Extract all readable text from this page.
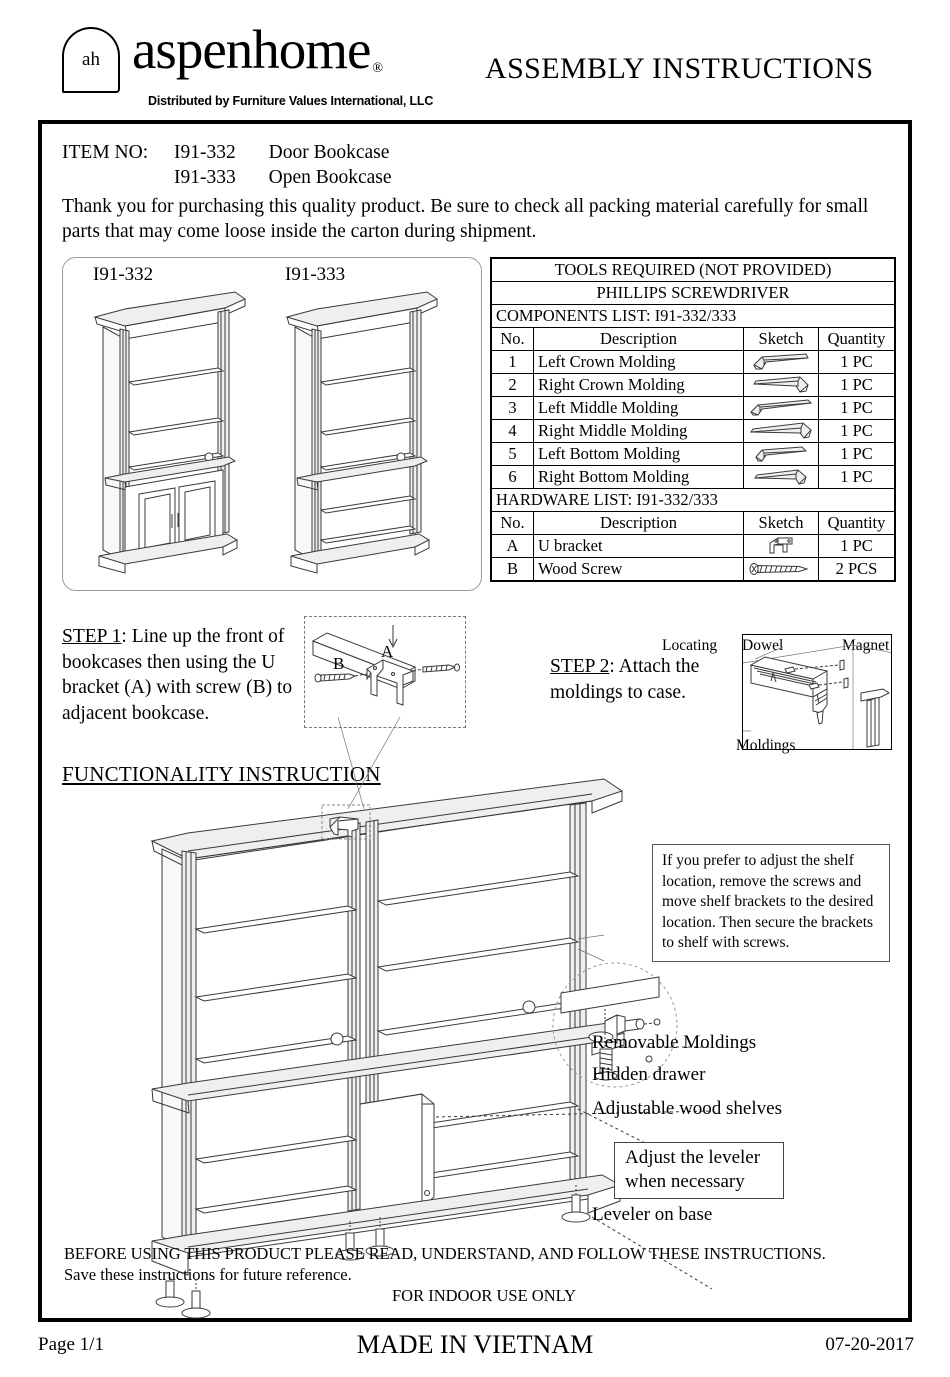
ah aspenhome ®
Distributed by Furniture Values International, LLC
ASSEMBLY INSTRUCTIONS
ITEM NO: I91-332 Door Bookcase
I91-333 Open Bookcase
Thank you for purchasing this quality product. Be sure to check all packing material carefully for small parts that may come loose inside the carton during shipment.
I91-332	I91-333	TOOLS REQUIRED (NOT PROVIDED)			
PHILLIPS SCREWDRIVER			
COMPONENTS LIST: I91-332/333			
No.	Description	Sketch	Quantity
1	Left Crown Molding		1 PC
2	Right Crown Molding		1 PC
3	Left Middle Molding		1 PC
4	Right Middle Molding		1 PC
5	Left Bottom Molding		1 PC
6	Right Bottom Molding		1 PC
HARDWARE LIST: I91-332/333			
No.	Description	Sketch	Quantity
A	U bracket		1 PC
B	Wood Screw		2 PCS
STEP 1: Line up the front of bookcases then using the U bracket (A) with screw (B) to adjacent bookcase.
A
B	STEP 2: Attach the moldings to case.
Locating Dowel	Magnet
Moldings
FUNCTIONALITY INSTRUCTION
If you prefer to adjust the shelf location, remove the screws and move shelf brackets to the desired location. Then secure the brackets to shelf with screws.
Removable Moldings
Hidden drawer
Adjustable wood shelves
Adjust the leveler when necessary
Leveler on base
BEFORE USING THIS PRODUCT PLEASE READ, UNDERSTAND, AND FOLLOW THESE INSTRUCTIONS.
Save these instructions for future reference.
FOR INDOOR USE ONLY
Page 1/1	MADE IN VIETNAM	07-20-2017
